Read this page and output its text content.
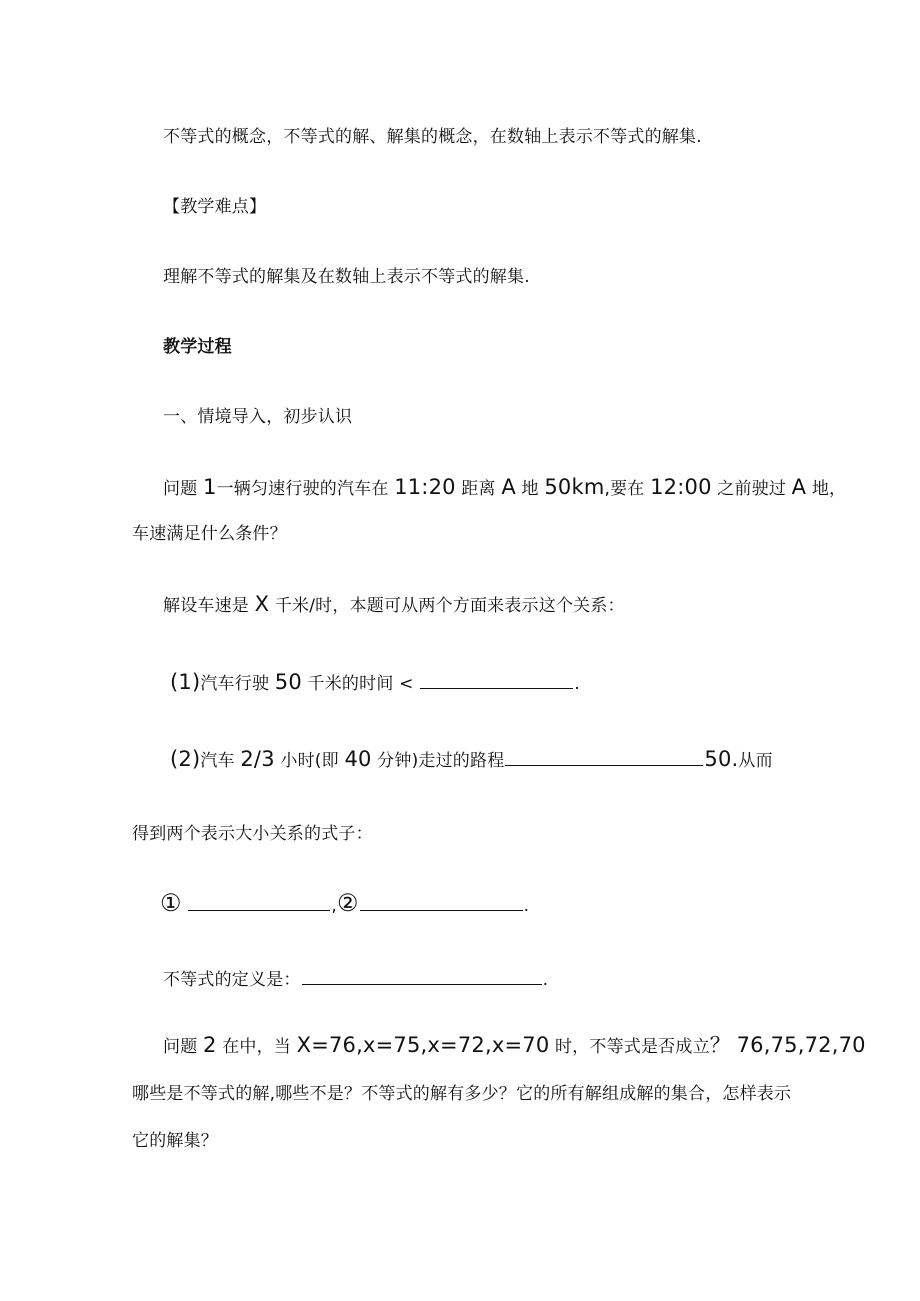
不等式的概念，不等式的解、解集的概念，在数轴上表示不等式的解集.
【教学难点】
理解不等式的解集及在数轴上表示不等式的解集.
教学过程
一、情境导入，初步认识
问题 1一辆匀速行驶的汽车在 11:20 距离 A 地 50km,要在 12:00 之前驶过 A 地，
车速满足什么条件？
解设车速是 X 千米/时，本题可从两个方面来表示这个关系：
(1)汽车行驶 50 千米的时间 <	.
(2)汽车 2/3 小时(即 40 分钟)走过的路程	50.从而
得到两个表示大小关系的式子：
①	,②	.
不等式的定义是：	.
问题 2 在中，当 X=76,x=75,x=72,x=70 时，不等式是否成立？ 76,75,72,70
哪些是不等式的解,哪些不是？不等式的解有多少？它的所有解组成解的集合，怎样表示
它的解集？
